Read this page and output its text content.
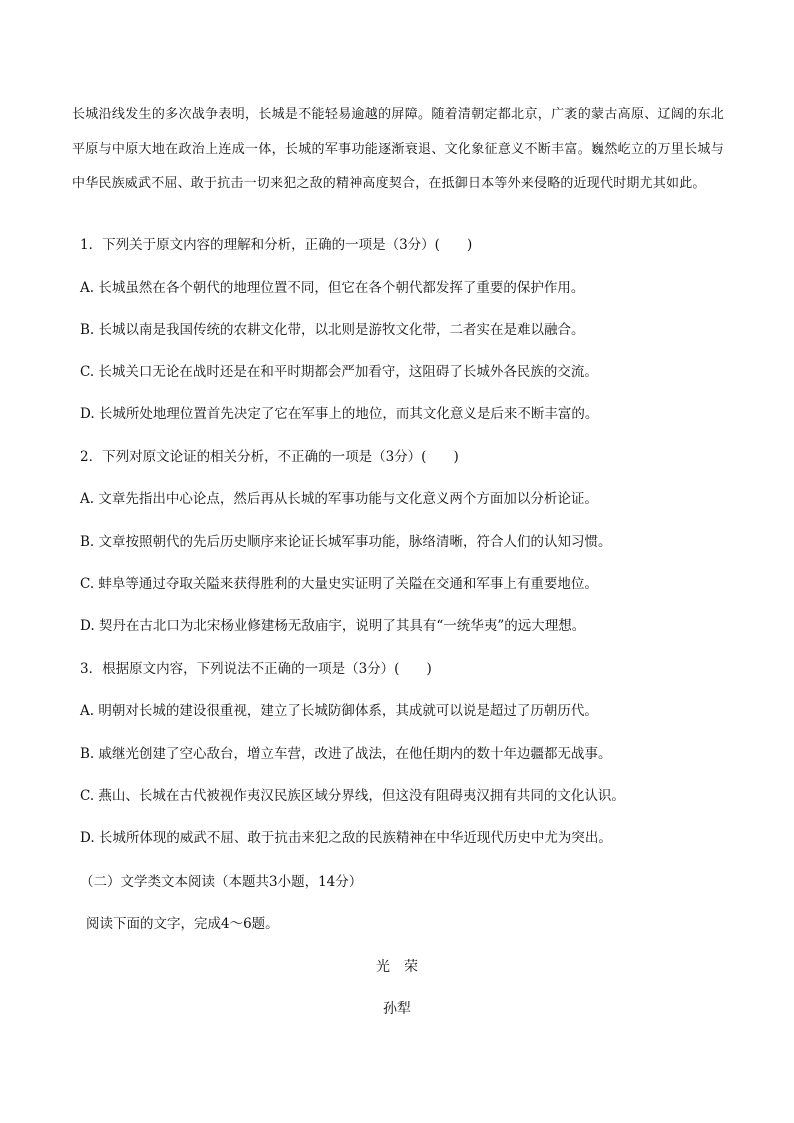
长城沿线发生的多次战争表明，长城是不能轻易逾越的屏障。随着清朝定都北京，广袤的蒙古高原、辽阔的东北平原与中原大地在政治上连成一体，长城的军事功能逐渐衰退、文化象征意义不断丰富。巍然屹立的万里长城与中华民族威武不屈、敢于抗击一切来犯之敌的精神高度契合，在抵御日本等外来侵略的近现代时期尤其如此。

1．下列关于原文内容的理解和分析，正确的一项是（3分）(　　)

A. 长城虽然在各个朝代的地理位置不同，但它在各个朝代都发挥了重要的保护作用。

B. 长城以南是我国传统的农耕文化带，以北则是游牧文化带，二者实在是难以融合。

C. 长城关口无论在战时还是在和平时期都会严加看守，这阻碍了长城外各民族的交流。

D. 长城所处地理位置首先决定了它在军事上的地位，而其文化意义是后来不断丰富的。

2．下列对原文论证的相关分析，不正确的一项是（3分）(　　)

A. 文章先指出中心论点，然后再从长城的军事功能与文化意义两个方面加以分析论证。

B. 文章按照朝代的先后历史顺序来论证长城军事功能，脉络清晰，符合人们的认知习惯。

C. 蚌阜等通过夺取关隘来获得胜利的大量史实证明了关隘在交通和军事上有重要地位。

D. 契丹在古北口为北宋杨业修建杨无敌庙宇，说明了其具有“一统华夷”的远大理想。

3．根据原文内容，下列说法不正确的一项是（3分）(　　)

A. 明朝对长城的建设很重视，建立了长城防御体系，其成就可以说是超过了历朝历代。

B. 戚继光创建了空心敌台，增立车营，改进了战法，在他任期内的数十年边疆都无战事。

C. 燕山、长城在古代被视作夷汉民族区域分界线，但这没有阻碍夷汉拥有共同的文化认识。

D. 长城所体现的威武不屈、敢于抗击来犯之敌的民族精神在中华近现代历史中尤为突出。

（二）文学类文本阅读（本题共3小题，14分）

阅读下面的文字，完成4～6题。

光　荣

孙犁
